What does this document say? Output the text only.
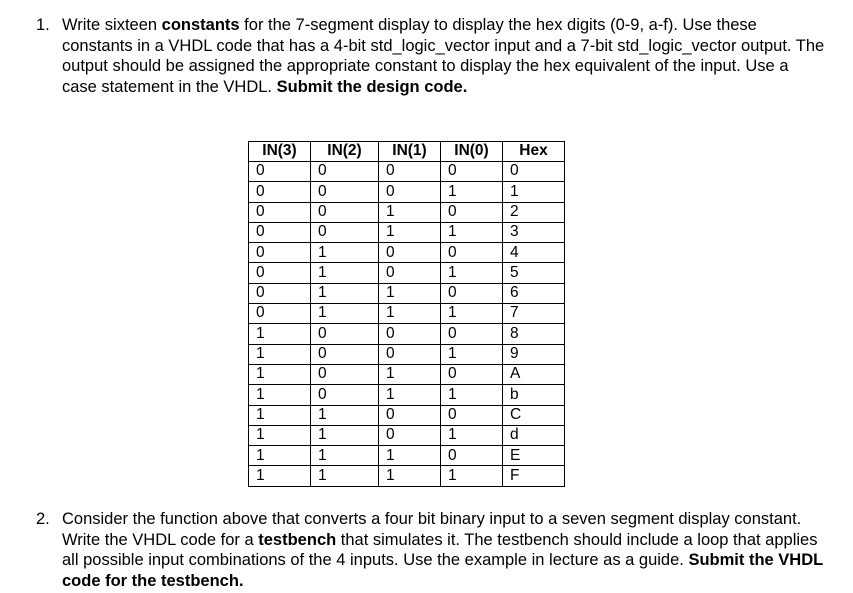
1. Write sixteen constants for the 7-segment display to display the hex digits (0-9, a-f). Use these constants in a VHDL code that has a 4-bit std_logic_vector input and a 7-bit std_logic_vector output. The output should be assigned the appropriate constant to display the hex equivalent of the input. Use a case statement in the VHDL. Submit the design code.
IN(3)	IN(2)	IN(1)	IN(0)	Hex
0	0	0	0	0
0	0	0	1	1
0	0	1	0	2
0	0	1	1	3
0	1	0	0	4
0	1	0	1	5
0	1	1	0	6
0	1	1	1	7
1	0	0	0	8
1	0	0	1	9
1	0	1	0	A
1	0	1	1	b
1	1	0	0	C
1	1	0	1	d
1	1	1	0	E
1	1	1	1	F
2. Consider the function above that converts a four bit binary input to a seven segment display constant. Write the VHDL code for a testbench that simulates it. The testbench should include a loop that applies all possible input combinations of the 4 inputs. Use the example in lecture as a guide. Submit the VHDL code for the testbench.
